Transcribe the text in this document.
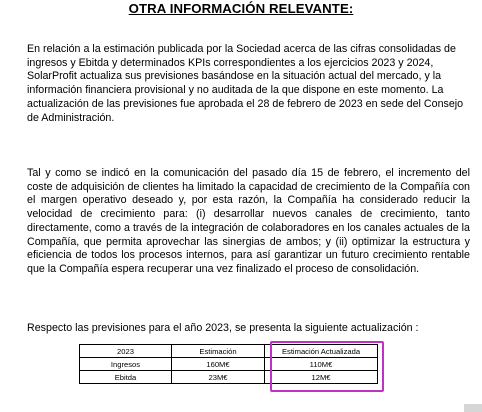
OTRA INFORMACIÓN RELEVANTE:

En relación a la estimación publicada por la Sociedad acerca de las cifras consolidadas de ingresos y Ebitda y determinados KPIs correspondientes a los ejercicios 2023 y 2024, SolarProfit actualiza sus previsiones basándose en la situación actual del mercado, y la información financiera provisional y no auditada de la que dispone en este momento. La actualización de las previsiones fue aprobada el 28 de febrero de 2023 en sede del Consejo de Administración.

Tal y como se indicó en la comunicación del pasado día 15 de febrero, el incremento del coste de adquisición de clientes ha limitado la capacidad de crecimiento de la Compañía con el margen operativo deseado y, por esta razón, la Compañía ha considerado reducir la velocidad de crecimiento para: (i) desarrollar nuevos canales de crecimiento, tanto directamente, como a través de la integración de colaboradores en los canales actuales de la Compañía, que permita aprovechar las sinergias de ambos; y (ii) optimizar la estructura y eficiencia de todos los procesos internos, para así garantizar un futuro crecimiento rentable que la Compañía espera recuperar una vez finalizado el proceso de consolidación.

Respecto las previsiones para el año 2023, se presenta la siguiente actualización :

2023	Estimación	Estimación Actualizada
Ingresos	160M€	110M€
Ebitda	23M€	12M€
